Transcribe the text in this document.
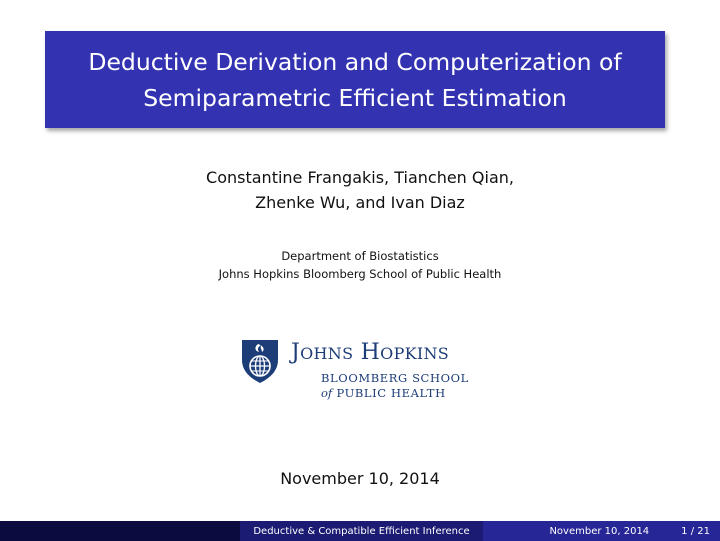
Deductive Derivation and Computerization of
Semiparametric Efficient Estimation
Constantine Frangakis, Tianchen Qian,
Zhenke Wu, and Ivan Diaz
Department of Biostatistics
Johns Hopkins Bloomberg School of Public Health
JOHNS HOPKINS
BLOOMBERG SCHOOL
of PUBLIC HEALTH
November 10, 2014
Deductive & Compatible Efficient Inference	November 10, 2014	1 / 21
